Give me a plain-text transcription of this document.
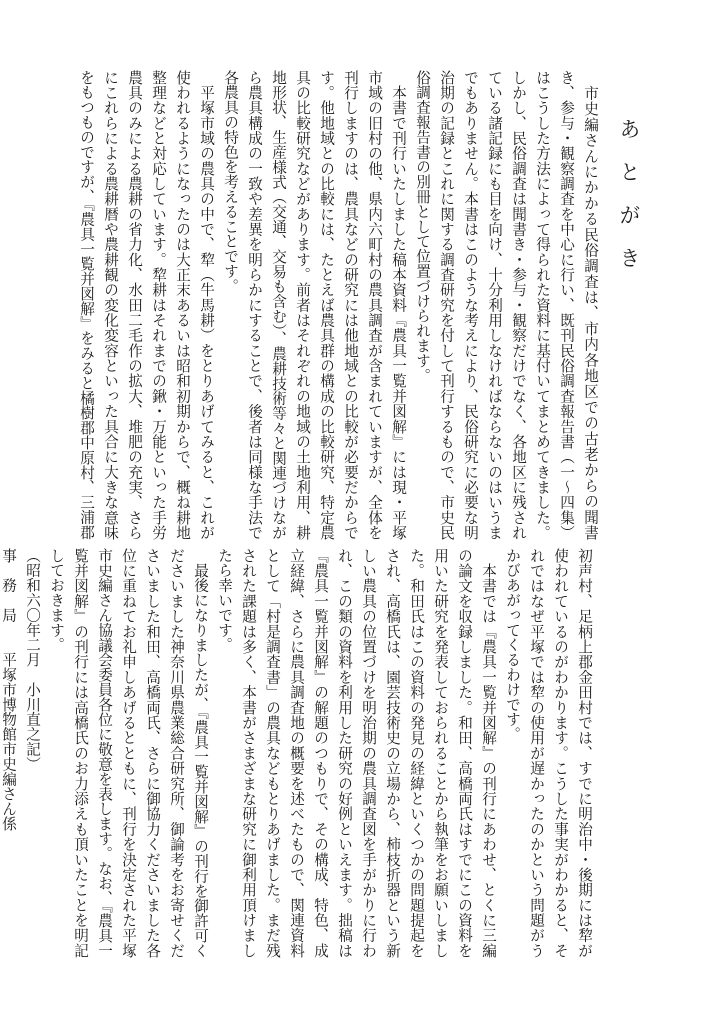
あとがき

　市史編さんにかかる民俗調査は、市内各地区での古老からの聞書き、参与・観察調査を中心に行い、既刊民俗調査報告書（一～四集）はこうした方法によって得られた資料に基付いてまとめてきました。しかし、民俗調査は聞書き・参与・観察だけでなく、各地区に残されている諸記録にも目を向け、十分利用しなければならないのはいうまでもありません。本書はこのような考えにより、民俗研究に必要な明治期の記録とこれに関する調査研究を付して刊行するもので、市史民俗調査報告書の別冊として位置づけられます。

　本書で刊行いたしました稿本資料『農具一覧并図解』には現・平塚市域の旧村の他、県内六町村の農具調査が含まれていますが、全体を刊行しますのは、農具などの研究には他地域との比較が必要だからです。他地域との比較には、たとえば農具群の構成の比較研究、特定農具の比較研究などがあります。前者はそれぞれの地域の土地利用、耕地形状、生産様式（交通、交易も含む）、農耕技術等々と関連づけながら農具構成の一致や差異を明らかにすることで、後者は同様な手法で各農具の特色を考えることです。

　平塚市域の農具の中で、犂（牛馬耕）をとりあげてみると、これが使われるようになったのは大正末あるいは昭和初期からで、概ね耕地整理などと対応しています。犂耕はそれまでの鍬・万能といった手労農具のみによる農耕の省力化、水田二毛作の拡大、堆肥の充実、さらにこれらによる農耕暦や農耕観の変化変容といった具合に大きな意味をもつものですが、『農具一覧并図解』をみると橘樹郡中原村、三浦郡

初声村、足柄上郡金田村では、すでに明治中・後期には犂が使われているのがわかります。こうした事実がわかると、それではなぜ平塚では犂の使用が遅かったのかという問題がうかびあがってくるわけです。

　本書では『農具一覧并図解』の刊行にあわせ、とくに三編の論文を収録しました。和田、高橋両氏はすでにこの資料を用いた研究を発表しておられることから執筆をお願いしました。和田氏はこの資料の発見の経緯といくつかの問題提起をされ、高橋氏は、園芸技術史の立場から、柿枝折器という新しい農具の位置づけを明治期の農具調査図を手がかりに行われ、この類の資料を利用した研究の好例といえます。拙稿は『農具一覧并図解』の解題のつもりで、その構成、特色、成立経緯、さらに農具調査地の概要を述べたもので、関連資料として「村是調査書」の農具などもとりあげました。まだ残された課題は多く、本書がさまざまな研究に御利用頂けましたら幸いです。

　最後になりましたが、『農具一覧并図解』の刊行を御許可くださいました神奈川県農業総合研究所、御論考をお寄せくださいました和田、高橋両氏、さらに御協力くださいました各位に重ねてお礼申しあげるとともに、刊行を決定された平塚市史編さん協議会委員各位に敬意を表します。なお、『農具一覧并図解』の刊行には高橋氏のお力添えも頂いたことを明記しておきます。

（昭和六〇年二月　小川直之記）

事　務　局　　平塚市博物館市史編さん係
